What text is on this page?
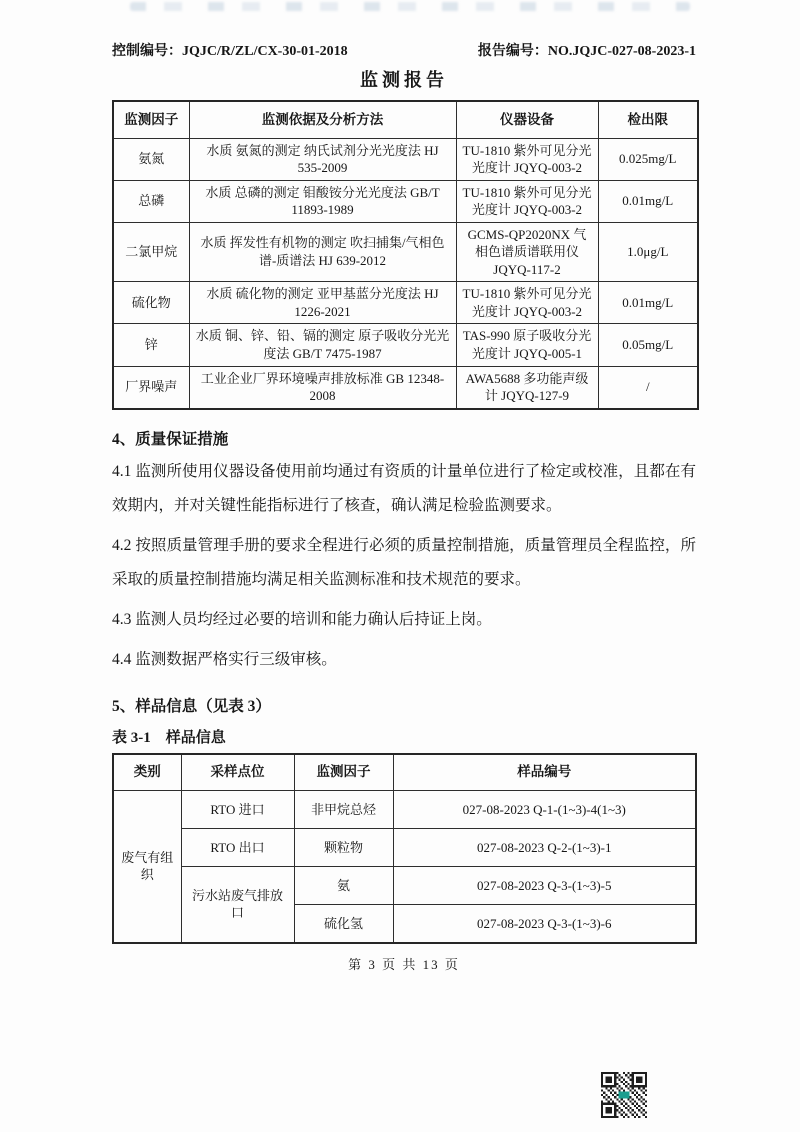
控制编号：JQJC/R/ZL/CX-30-01-2018	报告编号：NO.JQJC-027-08-2023-1
监测报告
监测因子	监测依据及分析方法	仪器设备	检出限
氨氮	水质 氨氮的测定 纳氏试剂分光光度法 HJ 535-2009	TU-1810 紫外可见分光光度计 JQYQ-003-2	0.025mg/L
总磷	水质 总磷的测定 钼酸铵分光光度法 GB/T 11893-1989	TU-1810 紫外可见分光光度计 JQYQ-003-2	0.01mg/L
二氯甲烷	水质 挥发性有机物的测定 吹扫捕集/气相色谱-质谱法 HJ 639-2012	GCMS-QP2020NX 气相色谱质谱联用仪 JQYQ-117-2	1.0μg/L
硫化物	水质 硫化物的测定 亚甲基蓝分光度法 HJ 1226-2021	TU-1810 紫外可见分光光度计 JQYQ-003-2	0.01mg/L
锌	水质 铜、锌、铅、镉的测定 原子吸收分光光度法 GB/T 7475-1987	TAS-990 原子吸收分光光度计 JQYQ-005-1	0.05mg/L
厂界噪声	工业企业厂界环境噪声排放标准 GB 12348-2008	AWA5688 多功能声级计 JQYQ-127-9	/
4、质量保证措施

4.1 监测所使用仪器设备使用前均通过有资质的计量单位进行了检定或校准，且都在有效期内，并对关键性能指标进行了核查，确认满足检验监测要求。

4.2 按照质量管理手册的要求全程进行必须的质量控制措施，质量管理员全程监控，所采取的质量控制措施均满足相关监测标准和技术规范的要求。

4.3 监测人员均经过必要的培训和能力确认后持证上岗。

4.4 监测数据严格实行三级审核。

5、样品信息（见表 3）
表 3-1　样品信息
类别	采样点位	监测因子	样品编号
废气有组织	RTO 进口	非甲烷总烃	027-08-2023 Q-1-(1~3)-4(1~3)
	RTO 出口	颗粒物	027-08-2023 Q-2-(1~3)-1
	污水站废气排放口	氨	027-08-2023 Q-3-(1~3)-5
		硫化氢	027-08-2023 Q-3-(1~3)-6
第 3 页 共 13 页
